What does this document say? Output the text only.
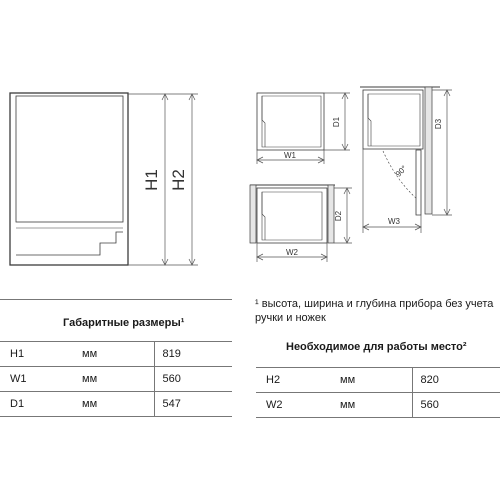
H1 H2
W1
D1
W2
D2
90°
W3
D3
Габаритные размеры¹
H1	мм	819
W1	мм	560
D1	мм	547
¹ высота, ширина и глубина прибора без учета ручки и ножек
Необходимое для работы место²
H2	мм	820
W2	мм	560
